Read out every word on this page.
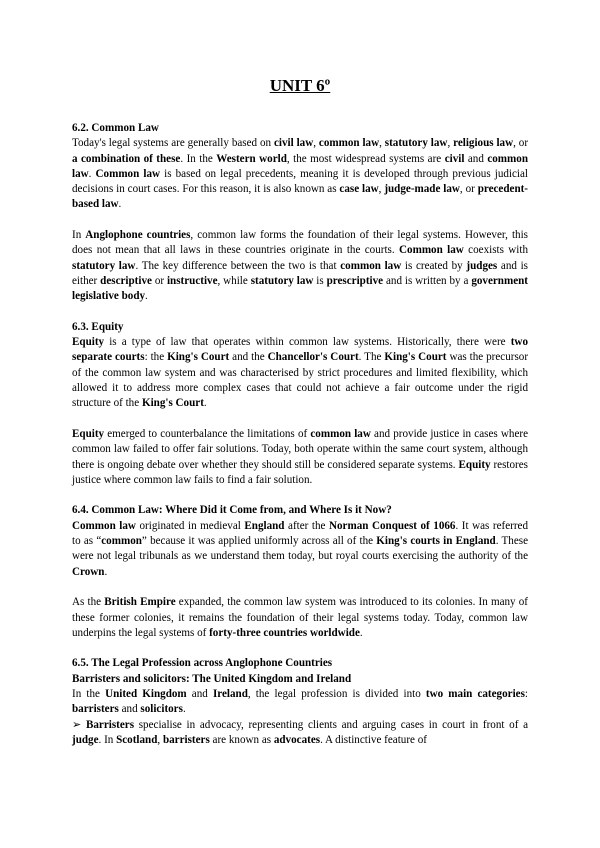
UNIT 6º
6.2. Common Law

Today's legal systems are generally based on civil law, common law, statutory law, religious law, or a combination of these. In the Western world, the most widespread systems are civil and common law. Common law is based on legal precedents, meaning it is developed through previous judicial decisions in court cases. For this reason, it is also known as case law, judge-made law, or precedent-based law.

In Anglophone countries, common law forms the foundation of their legal systems. However, this does not mean that all laws in these countries originate in the courts. Common law coexists with statutory law. The key difference between the two is that common law is created by judges and is either descriptive or instructive, while statutory law is prescriptive and is written by a government legislative body.

6.3. Equity

Equity is a type of law that operates within common law systems. Historically, there were two separate courts: the King's Court and the Chancellor's Court. The King's Court was the precursor of the common law system and was characterised by strict procedures and limited flexibility, which allowed it to address more complex cases that could not achieve a fair outcome under the rigid structure of the King's Court.

Equity emerged to counterbalance the limitations of common law and provide justice in cases where common law failed to offer fair solutions. Today, both operate within the same court system, although there is ongoing debate over whether they should still be considered separate systems. Equity restores justice where common law fails to find a fair solution.

6.4. Common Law: Where Did it Come from, and Where Is it Now?

Common law originated in medieval England after the Norman Conquest of 1066. It was referred to as “common” because it was applied uniformly across all of the King's courts in England. These were not legal tribunals as we understand them today, but royal courts exercising the authority of the Crown.

As the British Empire expanded, the common law system was introduced to its colonies. In many of these former colonies, it remains the foundation of their legal systems today. Today, common law underpins the legal systems of forty-three countries worldwide.

6.5. The Legal Profession across Anglophone Countries
Barristers and solicitors: The United Kingdom and Ireland

In the United Kingdom and Ireland, the legal profession is divided into two main categories: barristers and solicitors.

➢ Barristers specialise in advocacy, representing clients and arguing cases in court in front of a judge. In Scotland, barristers are known as advocates. A distinctive feature of
